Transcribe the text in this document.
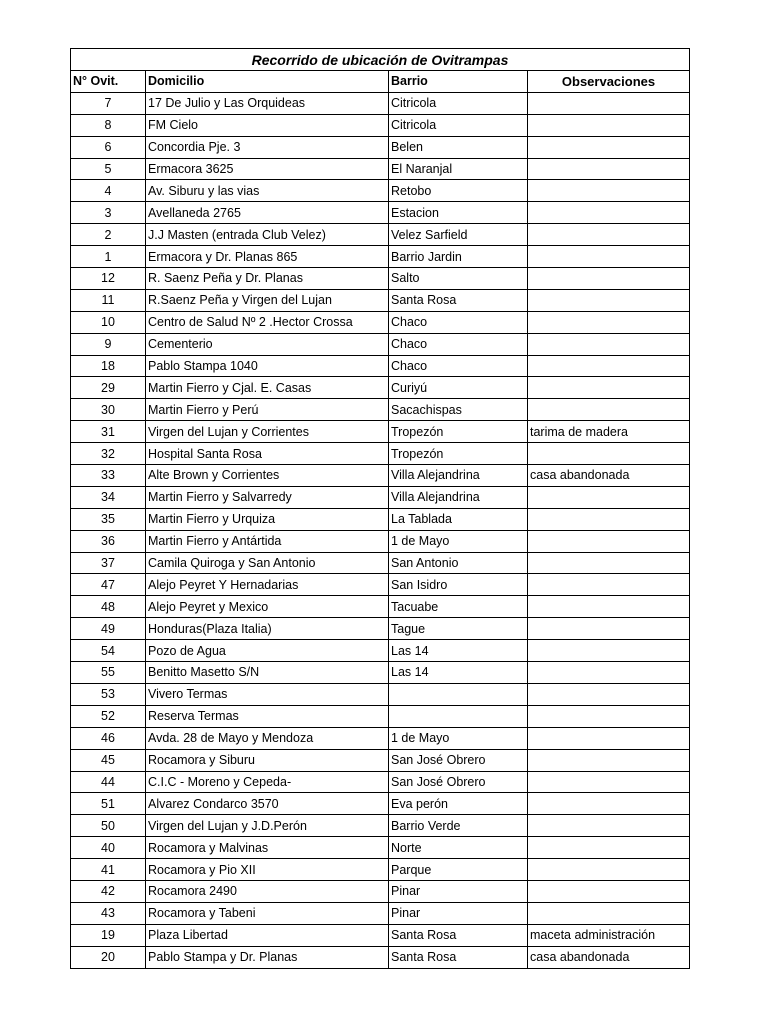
Recorrido de ubicación de Ovitrampas			
N° Ovit.	Domicilio	Barrio	Observaciones
7	17 De Julio y Las Orquideas	Citricola	
8	FM Cielo	Citricola	
6	Concordia Pje. 3	Belen	
5	Ermacora 3625	El Naranjal	
4	Av. Siburu y las vias	Retobo	
3	Avellaneda 2765	Estacion	
2	J.J Masten (entrada Club Velez)	Velez Sarfield	
1	Ermacora y Dr. Planas 865	Barrio Jardin	
12	R. Saenz Peña y Dr. Planas	Salto	
11	R.Saenz Peña y Virgen del Lujan	Santa Rosa	
10	Centro de Salud Nº 2 .Hector Crossa	Chaco	
9	Cementerio	Chaco	
18	Pablo Stampa 1040	Chaco	
29	Martin Fierro y Cjal. E. Casas	Curiyú	
30	Martin Fierro y Perú	Sacachispas	
31	Virgen del Lujan y Corrientes	Tropezón	tarima de madera
32	Hospital Santa Rosa	Tropezón	
33	Alte Brown y Corrientes	Villa Alejandrina	casa abandonada
34	Martin Fierro y Salvarredy	Villa Alejandrina	
35	Martin Fierro y Urquiza	La Tablada	
36	Martin Fierro y Antártida	1 de Mayo	
37	Camila Quiroga y San Antonio	San Antonio	
47	Alejo Peyret Y Hernadarias	San Isidro	
48	Alejo Peyret y Mexico	Tacuabe	
49	Honduras(Plaza Italia)	Tague	
54	Pozo de Agua	Las 14	
55	Benitto Masetto S/N	Las 14	
53	Vivero Termas		
52	Reserva Termas		
46	Avda. 28 de Mayo y Mendoza	1 de Mayo	
45	Rocamora y Siburu	San José Obrero	
44	C.I.C - Moreno y Cepeda-	San José Obrero	
51	Alvarez Condarco 3570	Eva perón	
50	Virgen del Lujan y J.D.Perón	Barrio Verde	
40	Rocamora y Malvinas	Norte	
41	Rocamora y Pio XII	Parque	
42	Rocamora 2490	Pinar	
43	Rocamora y Tabeni	Pinar	
19	Plaza Libertad	Santa Rosa	maceta administración
20	Pablo Stampa y Dr. Planas	Santa Rosa	casa abandonada
